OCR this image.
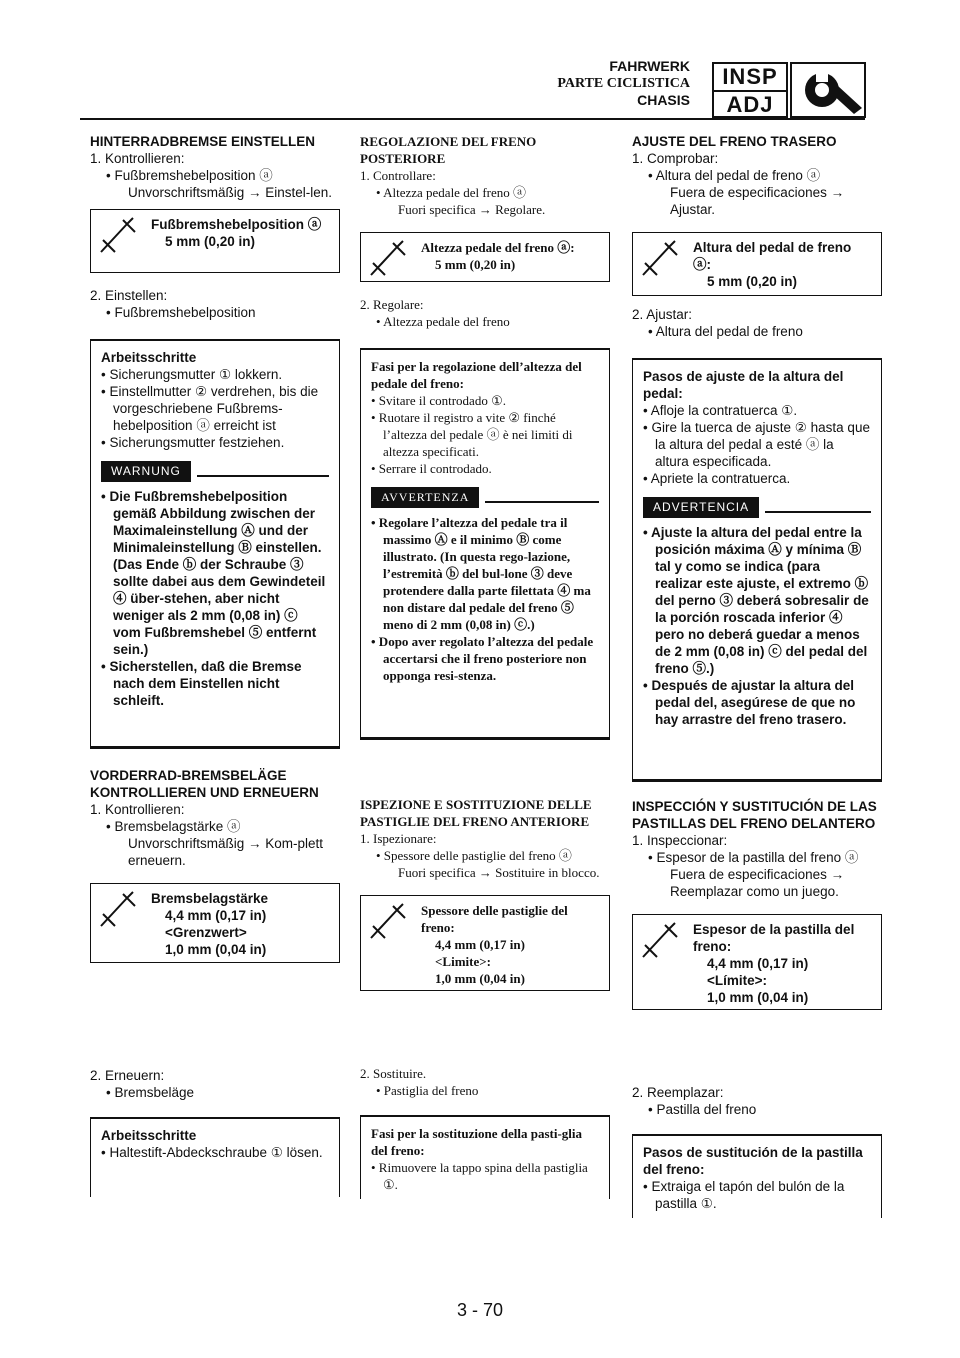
FAHRWERK
PARTE CICLISTICA
CHASIS
INSP
ADJ
HINTERRADBREMSE EINSTELLEN
1. Kontrollieren:
• Fußbremshebelposition ⓐ
Unvorschriftsmäßig → Einstel-len.
Fußbremshebelposition ⓐ
5 mm (0,20 in)
2. Einstellen:
• Fußbremshebelposition
Arbeitsschritte
• Sicherungsmutter ① lokkern.
• Einstellmutter ② verdrehen, bis die vorgeschriebene Fußbrems-hebelposition ⓐ erreicht ist
• Sicherungsmutter festziehen.
WARNUNG
• Die Fußbremshebelposition gemäß Abbildung zwischen der Maximaleinstellung Ⓐ und der Minimaleinstellung Ⓑ einstellen. (Das Ende ⓑ der Schraube ③ sollte dabei aus dem Gewindeteil ④ über-stehen, aber nicht weniger als 2 mm (0,08 in) ⓒ vom Fußbremshebel ⑤ entfernt sein.)
• Sicherstellen, daß die Bremse nach dem Einstellen nicht schleift.
VORDERRAD-BREMSBELÄGE KONTROLLIEREN UND ERNEUERN
1. Kontrollieren:
• Bremsbelagstärke ⓐ
Unvorschriftsmäßig → Kom-plett erneuern.
Bremsbelagstärke
4,4 mm (0,17 in)
<Grenzwert>
1,0 mm (0,04 in)
2. Erneuern:
• Bremsbeläge
Arbeitsschritte
• Haltestift-Abdeckschraube ① lösen.
REGOLAZIONE DEL FRENO POSTERIORE
1. Controllare:
• Altezza pedale del freno ⓐ
Fuori specifica → Regolare.
Altezza pedale del freno ⓐ:
5 mm (0,20 in)
2. Regolare:
• Altezza pedale del freno
Fasi per la regolazione dell’altezza del pedale del freno:
• Svitare il controdado ①.
• Ruotare il registro a vite ② finché l’altezza del pedale ⓐ è nei limiti di altezza specificati.
• Serrare il controdado.
AVVERTENZA
• Regolare l’altezza del pedale tra il massimo Ⓐ e il minimo Ⓑ come illustrato. (In questa rego-lazione, l’estremità ⓑ del bul-lone ③ deve protendere dalla parte filettata ④ ma non distare dal pedale del freno ⑤ meno di 2 mm (0,08 in) ⓒ.)
• Dopo aver regolato l’altezza del pedale accertarsi che il freno posteriore non opponga resi-stenza.
ISPEZIONE E SOSTITUZIONE DELLE PASTIGLIE DEL FRENO ANTERIORE
1. Ispezionare:
• Spessore delle pastiglie del freno ⓐ
Fuori specifica → Sostituire in blocco.
Spessore delle pastiglie del freno:
4,4 mm (0,17 in)
<Limite>:
1,0 mm (0,04 in)
2. Sostituire.
• Pastiglia del freno
Fasi per la sostituzione della pasti-glia del freno:
• Rimuovere la tappo spina della pastiglia ①.
AJUSTE DEL FRENO TRASERO
1. Comprobar:
• Altura del pedal de freno ⓐ
Fuera de especificaciones → Ajustar.
Altura del pedal de freno ⓐ:
5 mm (0,20 in)
2. Ajustar:
• Altura del pedal de freno
Pasos de ajuste de la altura del pedal:
• Afloje la contratuerca ①.
• Gire la tuerca de ajuste ② hasta que la altura del pedal a esté ⓐ la altura especificada.
• Apriete la contratuerca.
ADVERTENCIA
• Ajuste la altura del pedal entre la posición máxima Ⓐ y mínima Ⓑ tal y como se indica (para realizar este ajuste, el extremo ⓑ del perno ③ deberá sobresalir de la porción roscada inferior ④ pero no deberá guedar a menos de 2 mm (0,08 in) ⓒ del pedal del freno ⑤.)
• Después de ajustar la altura del pedal del, asegúrese de que no hay arrastre del freno trasero.
INSPECCIÓN Y SUSTITUCIÓN DE LAS PASTILLAS DEL FRENO DELANTERO
1. Inspeccionar:
• Espesor de la pastilla del freno ⓐ
Fuera de especificaciones → Reemplazar como un juego.
Espesor de la pastilla del freno:
4,4 mm (0,17 in)
<Límite>:
1,0 mm (0,04 in)
2. Reemplazar:
• Pastilla del freno
Pasos de sustitución de la pastilla del freno:
• Extraiga el tapón del bulón de la pastilla ①.
3 - 70
